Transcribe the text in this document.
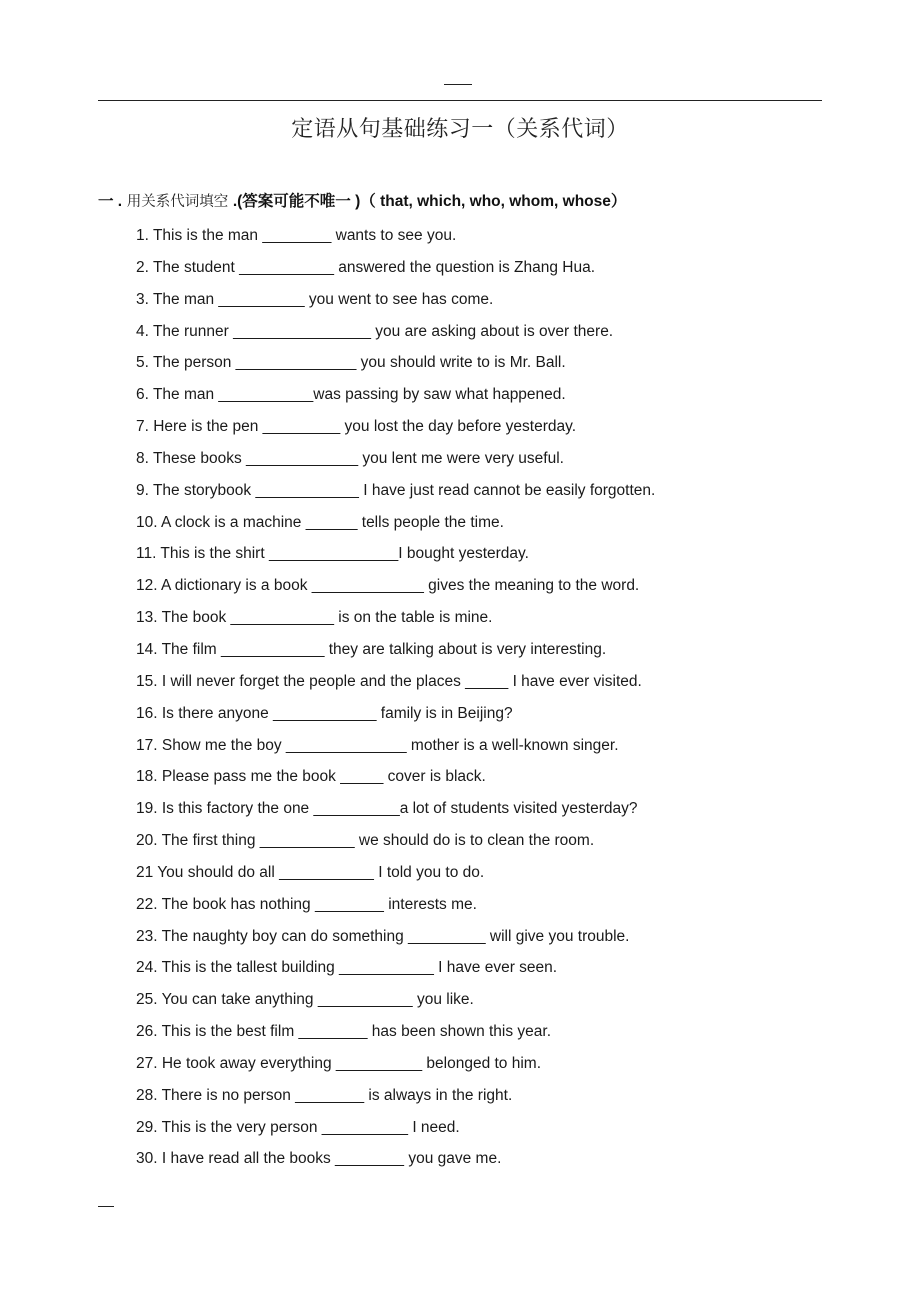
定语从句基础练习一（关系代词）
一 . 用关系代词填空 .(答案可能不唯一 )（ that, which, who, whom, whose）
1. This is the man ________ wants to see you.
2. The student ___________ answered the question is Zhang Hua.
3. The man __________ you went to see has come.
4. The runner ________________ you are asking about is over there.
5. The person ______________ you should write to is Mr. Ball.
6. The man ___________was passing by saw what happened.
7. Here is the pen _________ you lost the day before yesterday.
8. These books _____________ you lent me were very useful.
9. The storybook ____________ I have just read cannot be easily forgotten.
10. A clock is a machine ______ tells people the time.
11. This is the shirt _______________I bought yesterday.
12. A dictionary is a book _____________ gives the meaning to the word.
13. The book ____________ is on the table is mine.
14. The film ____________ they are talking about is very interesting.
15. I will never forget the people and the places _____ I have ever visited.
16. Is there anyone ____________ family is in Beijing?
17. Show me the boy ______________ mother is a well-known singer.
18. Please pass me the book _____ cover is black.
19. Is this factory the one __________a lot of students visited yesterday?
20. The first thing ___________ we should do is to clean the room.
21 You should do all ___________ I told you to do.
22. The book has nothing ________ interests me.
23. The naughty boy can do something _________ will give you trouble.
24. This is the tallest building ___________ I have ever seen.
25. You can take anything ___________ you like.
26. This is the best film ________ has been shown this year.
27. He took away everything __________ belonged to him.
28. There is no person ________ is always in the right.
29. This is the very person __________ I need.
30. I have read all the books ________ you gave me.
